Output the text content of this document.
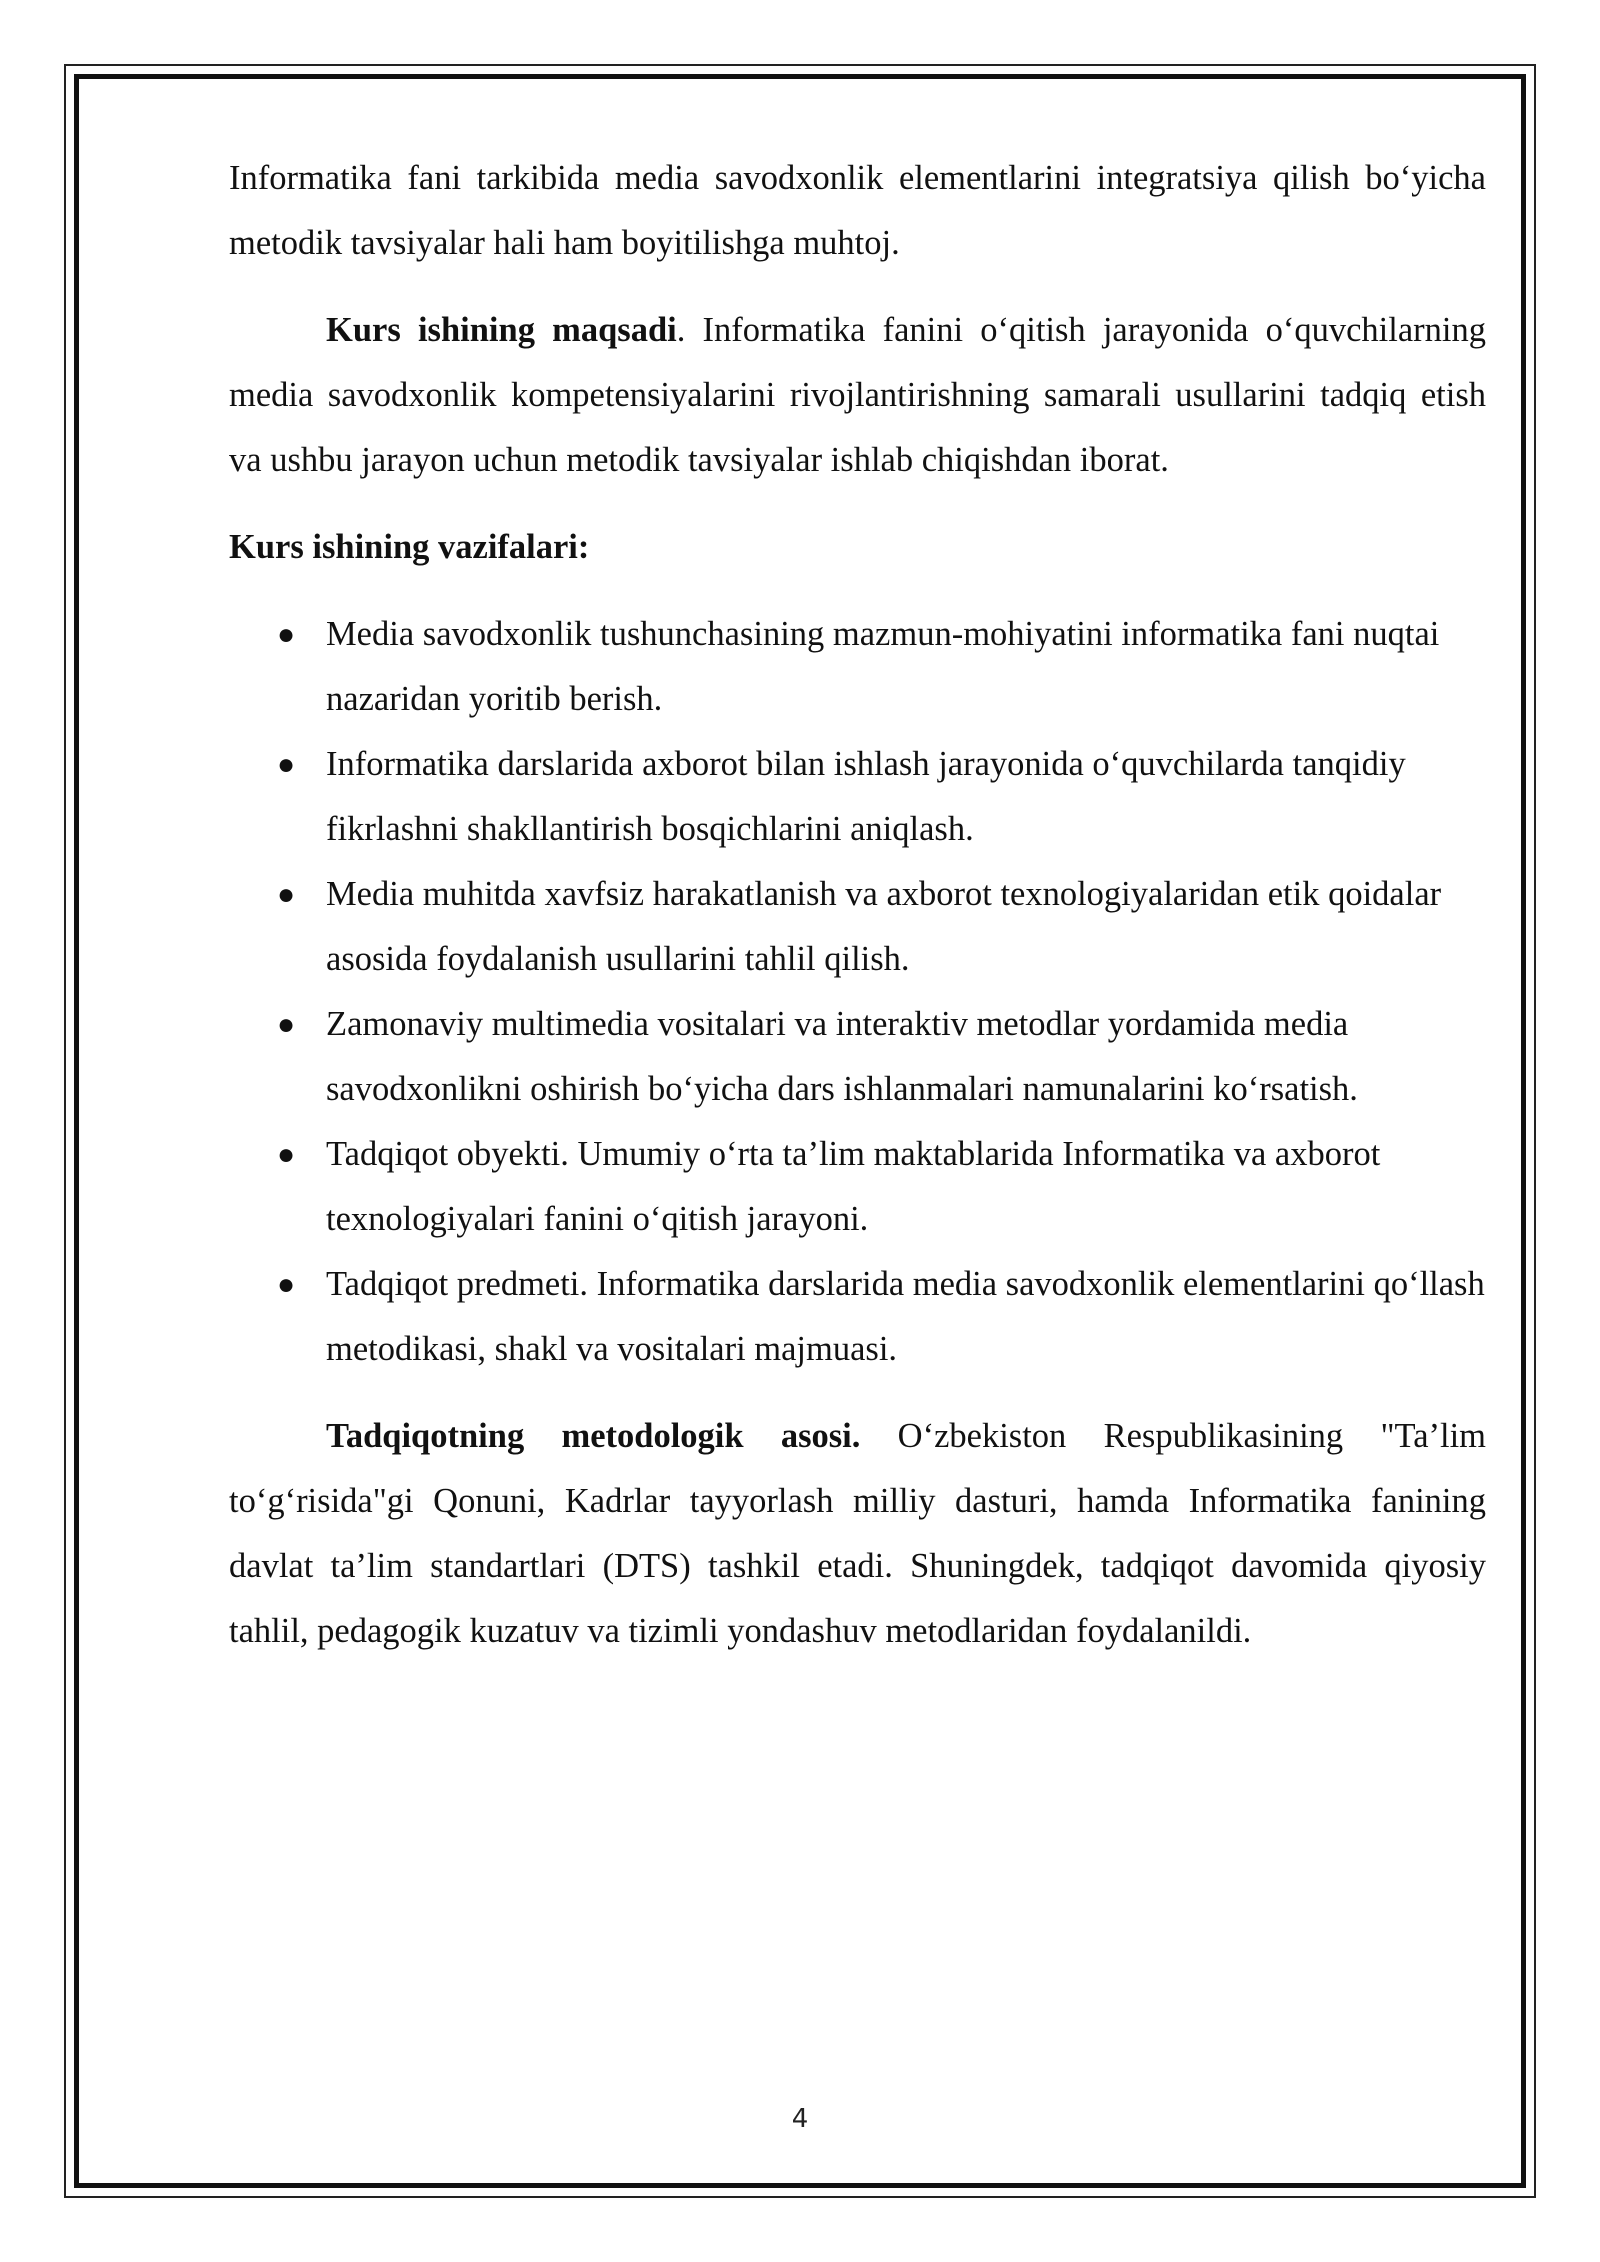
Informatika fani tarkibida media savodxonlik elementlarini integratsiya qilish bo‘yicha metodik tavsiyalar hali ham boyitilishga muhtoj.

Kurs ishining maqsadi. Informatika fanini o‘qitish jarayonida o‘quvchilarning media savodxonlik kompetensiyalarini rivojlantirishning samarali usullarini tadqiq etish va ushbu jarayon uchun metodik tavsiyalar ishlab chiqishdan iborat.

Kurs ishining vazifalari:

● Media savodxonlik tushunchasining mazmun-mohiyatini informatika fani nuqtai nazaridan yoritib berish.
● Informatika darslarida axborot bilan ishlash jarayonida o‘quvchilarda tanqidiy fikrlashni shakllantirish bosqichlarini aniqlash.
● Media muhitda xavfsiz harakatlanish va axborot texnologiyalaridan etik qoidalar asosida foydalanish usullarini tahlil qilish.
● Zamonaviy multimedia vositalari va interaktiv metodlar yordamida media savodxonlikni oshirish bo‘yicha dars ishlanmalari namunalarini ko‘rsatish.
● Tadqiqot obyekti. Umumiy o‘rta ta’lim maktablarida Informatika va axborot texnologiyalari fanini o‘qitish jarayoni.
● Tadqiqot predmeti. Informatika darslarida media savodxonlik elementlarini qo‘llash metodikasi, shakl va vositalari majmuasi.

Tadqiqotning metodologik asosi. O‘zbekiston Respublikasining "Ta’lim to‘g‘risida"gi Qonuni, Kadrlar tayyorlash milliy dasturi, hamda Informatika fanining davlat ta’lim standartlari (DTS) tashkil etadi. Shuningdek, tadqiqot davomida qiyosiy tahlil, pedagogik kuzatuv va tizimli yondashuv metodlaridan foydalanildi.

4
